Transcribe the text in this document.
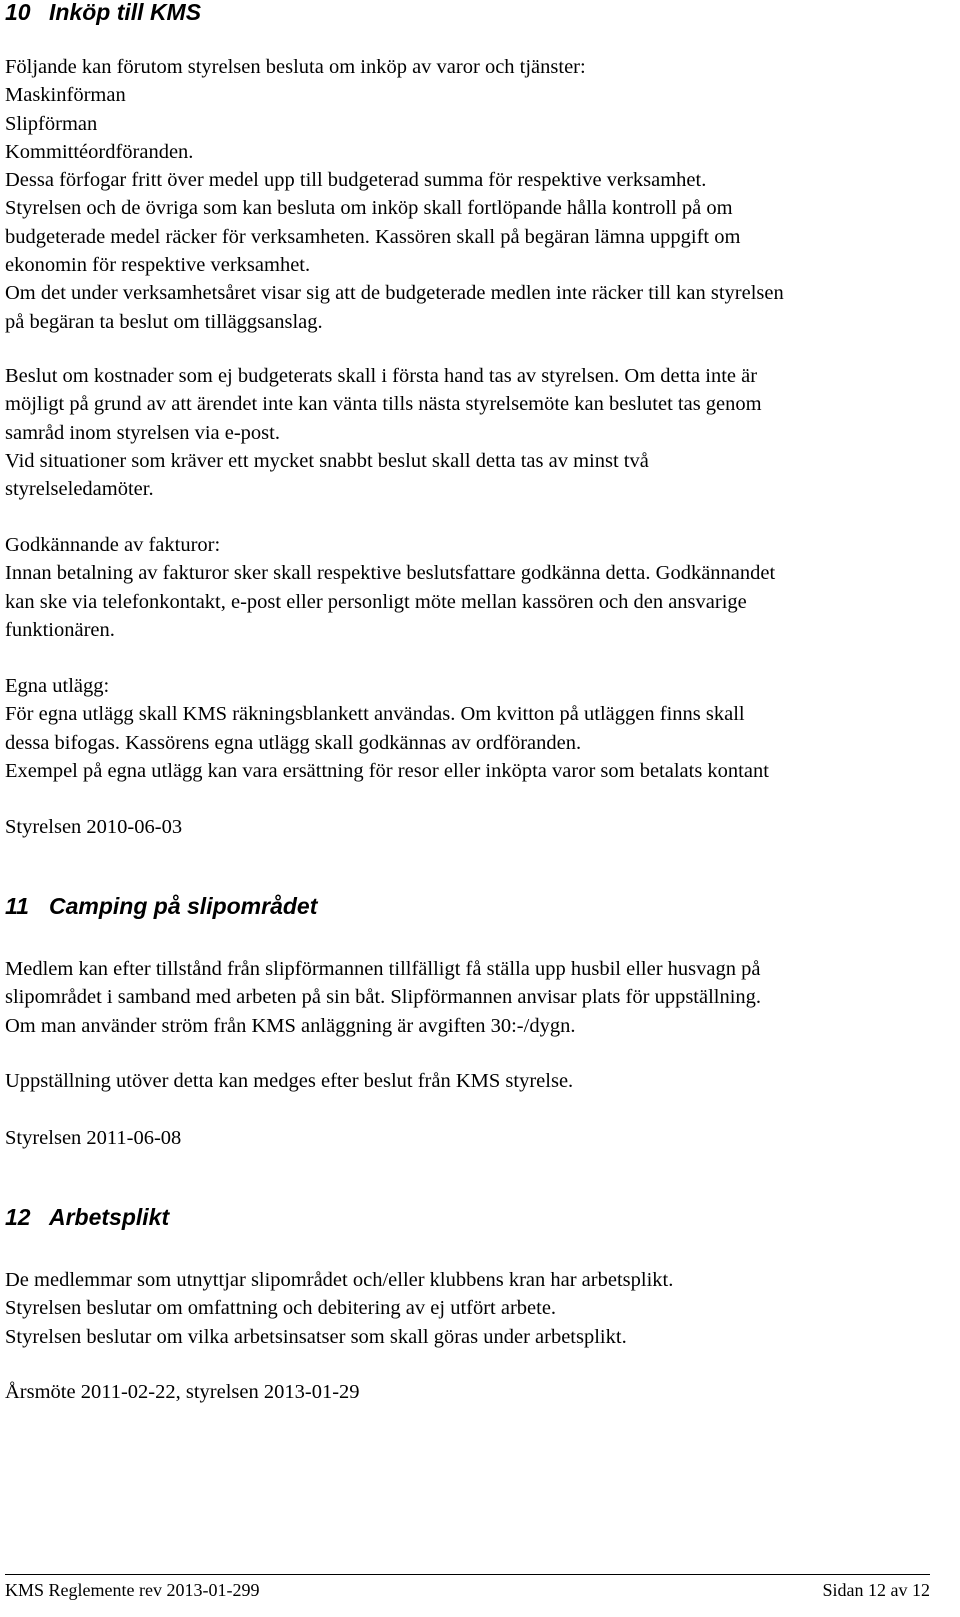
10 Inköp till KMS

Följande kan förutom styrelsen besluta om inköp av varor och tjänster:
Maskinförman
Slipförman
Kommittéordföranden.
Dessa förfogar fritt över medel upp till budgeterad summa för respektive verksamhet.
Styrelsen och de övriga som kan besluta om inköp skall fortlöpande hålla kontroll på om
budgeterade medel räcker för verksamheten. Kassören skall på begäran lämna uppgift om
ekonomin för respektive verksamhet.
Om det under verksamhetsåret visar sig att de budgeterade medlen inte räcker till kan styrelsen
på begäran ta beslut om tilläggsanslag.

Beslut om kostnader som ej budgeterats skall i första hand tas av styrelsen. Om detta inte är
möjligt på grund av att ärendet inte kan vänta tills nästa styrelsemöte kan beslutet tas genom
samråd inom styrelsen via e-post.
Vid situationer som kräver ett mycket snabbt beslut skall detta tas av minst två
styrelseledamöter.

Godkännande av fakturor:
Innan betalning av fakturor sker skall respektive beslutsfattare godkänna detta. Godkännandet
kan ske via telefonkontakt, e-post eller personligt möte mellan kassören och den ansvarige
funktionären.

Egna utlägg:
För egna utlägg skall KMS räkningsblankett användas. Om kvitton på utläggen finns skall
dessa bifogas. Kassörens egna utlägg skall godkännas av ordföranden.
Exempel på egna utlägg kan vara ersättning för resor eller inköpta varor som betalats kontant

Styrelsen 2010-06-03

11 Camping på slipområdet

Medlem kan efter tillstånd från slipförmannen tillfälligt få ställa upp husbil eller husvagn på
slipområdet i samband med arbeten på sin båt. Slipförmannen anvisar plats för uppställning.
Om man använder ström från KMS anläggning är avgiften 30:-/dygn.

Uppställning utöver detta kan medges efter beslut från KMS styrelse.

Styrelsen 2011-06-08

12 Arbetsplikt

De medlemmar som utnyttjar slipområdet och/eller klubbens kran har arbetsplikt.
Styrelsen beslutar om omfattning och debitering av ej utfört arbete.
Styrelsen beslutar om vilka arbetsinsatser som skall göras under arbetsplikt.

Årsmöte 2011-02-22, styrelsen 2013-01-29

KMS Reglemente rev 2013-01-299	Sidan 12 av 12
